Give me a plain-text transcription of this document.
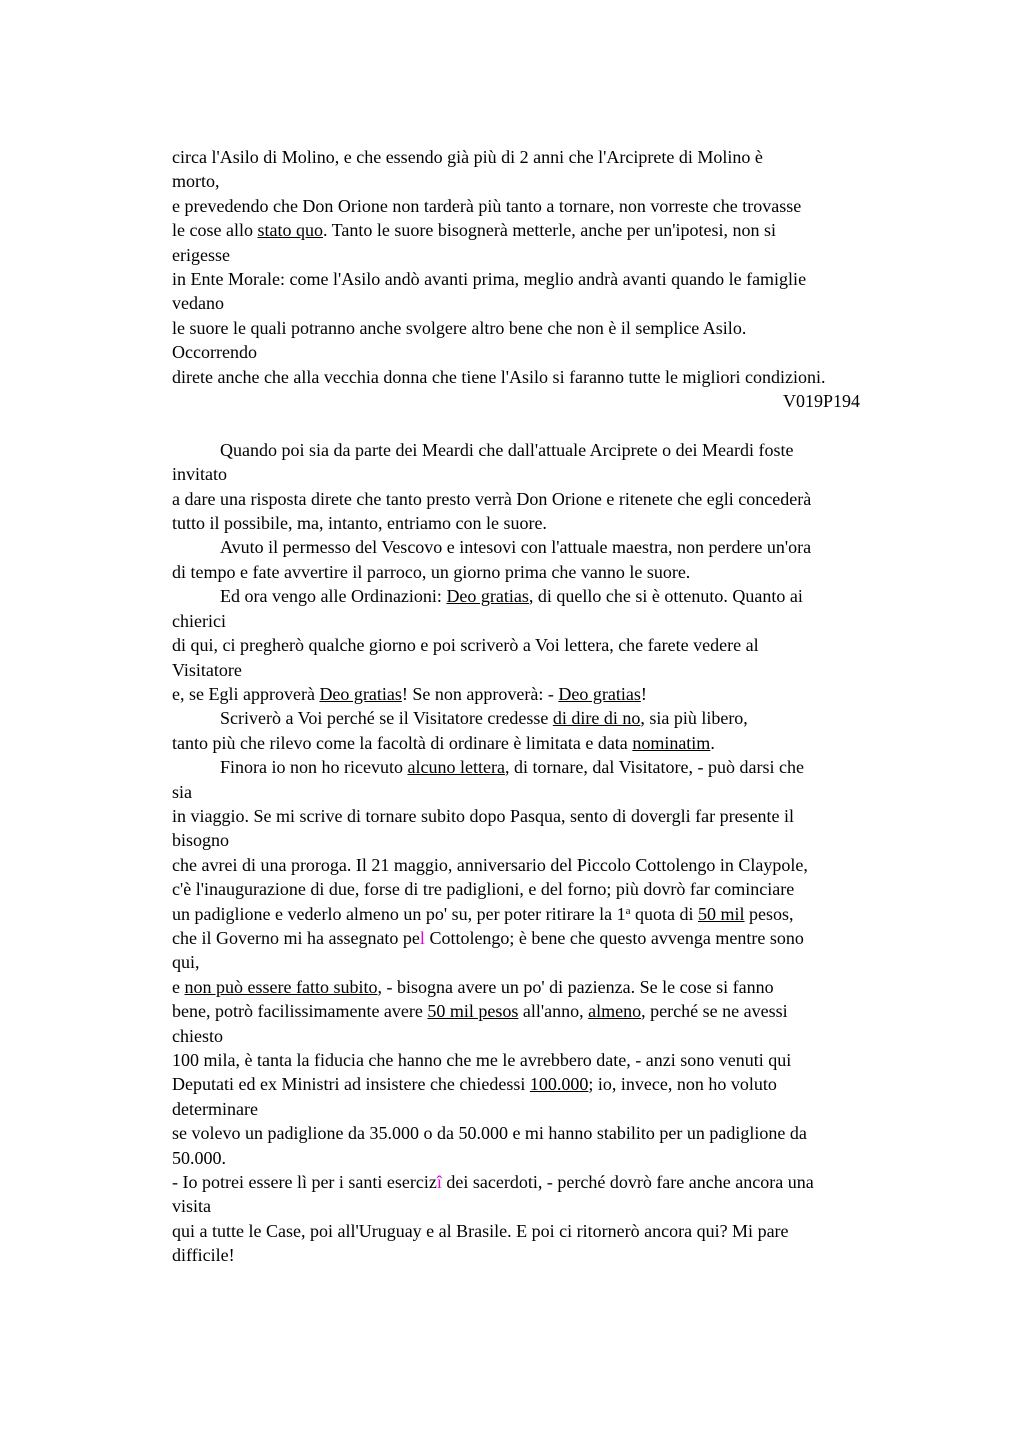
circa l'Asilo di Molino, e che essendo già più di 2 anni che l'Arciprete di Molino è
morto,
e prevedendo che Don Orione non tarderà più tanto a tornare, non vorreste che trovasse
le cose allo stato quo. Tanto le suore bisognerà metterle, anche per un'ipotesi, non si
erigesse
in Ente Morale: come l'Asilo andò avanti prima, meglio andrà avanti quando le famiglie
vedano
le suore le quali potranno anche svolgere altro bene che non è il semplice Asilo.
Occorrendo
direte anche che alla vecchia donna che tiene l'Asilo si faranno tutte le migliori condizioni.
V019P194
Quando poi sia da parte dei Meardi che dall'attuale Arciprete o dei Meardi foste
invitato
a dare una risposta direte che tanto presto verrà Don Orione e ritenete che egli concederà
tutto il possibile, ma, intanto, entriamo con le suore.
Avuto il permesso del Vescovo e intesovi con l'attuale maestra, non perdere un'ora
di tempo e fate avvertire il parroco, un giorno prima che vanno le suore.
Ed ora vengo alle Ordinazioni: Deo gratias, di quello che si è ottenuto. Quanto ai
chierici
di qui, ci pregherò qualche giorno e poi scriverò a Voi lettera, che farete vedere al
Visitatore
e, se Egli approverà Deo gratias! Se non approverà: - Deo gratias!
Scriverò a Voi perché se il Visitatore credesse di dire di no, sia più libero,
tanto più che rilevo come la facoltà di ordinare è limitata e data nominatim.
Finora io non ho ricevuto alcuno lettera, di tornare, dal Visitatore, - può darsi che
sia
in viaggio. Se mi scrive di tornare subito dopo Pasqua, sento di dovergli far presente il
bisogno
che avrei di una proroga. Il 21 maggio, anniversario del Piccolo Cottolengo in Claypole,
c'è l'inaugurazione di due, forse di tre padiglioni, e del forno; più dovrò far cominciare
un padiglione e vederlo almeno un po' su, per poter ritirare la 1$^a$ quota di 50 mil pesos,
che il Governo mi ha assegnato pel Cottolengo; è bene che questo avvenga mentre sono
qui,
e non può essere fatto subito, - bisogna avere un po' di pazienza. Se le cose si fanno
bene, potrò facilissimamente avere 50 mil pesos all'anno, almeno, perché se ne avessi
chiesto
100 mila, è tanta la fiducia che hanno che me le avrebbero date, - anzi sono venuti qui
Deputati ed ex Ministri ad insistere che chiedessi 100.000; io, invece, non ho voluto
determinare
se volevo un padiglione da 35.000 o da 50.000 e mi hanno stabilito per un padiglione da
50.000.
- Io potrei essere lì per i santi esercizî dei sacerdoti, - perché dovrò fare anche ancora una
visita
qui a tutte le Case, poi all'Uruguay e al Brasile. E poi ci ritornerò ancora qui? Mi pare
difficile!
